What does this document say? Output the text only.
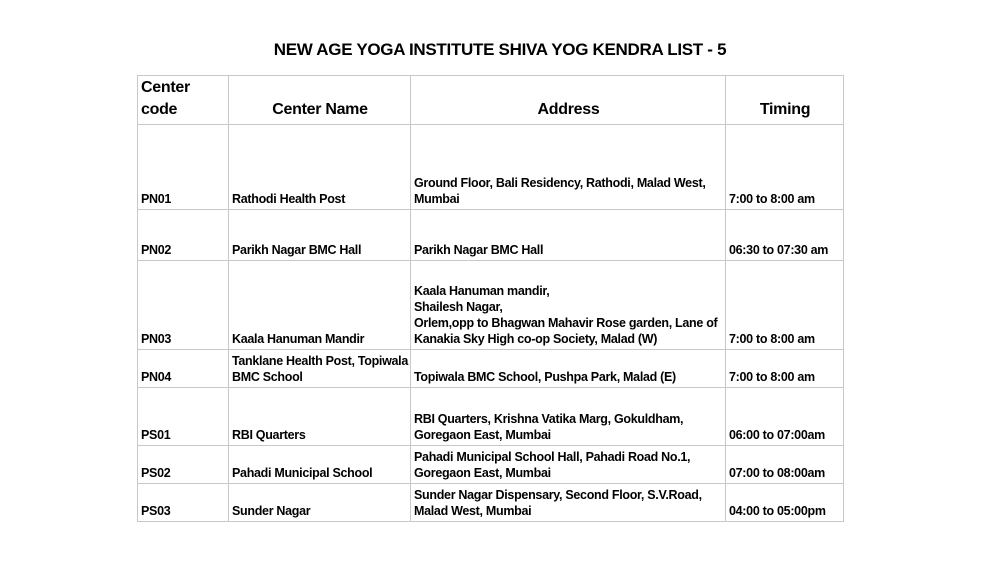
NEW AGE YOGA INSTITUTE SHIVA YOG KENDRA LIST - 5
Center code	Center Name	Address	Timing
PN01	Rathodi Health Post	Ground Floor, Bali Residency, Rathodi, Malad West, Mumbai	7:00 to 8:00 am
PN02	Parikh Nagar BMC Hall	Parikh Nagar BMC Hall	06:30 to 07:30 am
PN03	Kaala Hanuman Mandir	Kaala Hanuman mandir,
Shailesh Nagar,
Orlem,opp to Bhagwan Mahavir Rose garden, Lane of Kanakia Sky High co-op Society, Malad (W)	7:00 to 8:00 am
PN04	Tanklane Health Post, Topiwala BMC School	Topiwala BMC School, Pushpa Park, Malad (E)	7:00 to 8:00 am
PS01	RBI Quarters	RBI Quarters, Krishna Vatika Marg, Gokuldham, Goregaon East, Mumbai	06:00 to 07:00am
PS02	Pahadi Municipal School	Pahadi Municipal School Hall, Pahadi Road No.1, Goregaon East, Mumbai	07:00 to 08:00am
PS03	Sunder Nagar	Sunder Nagar Dispensary, Second Floor, S.V.Road, Malad West, Mumbai	04:00 to 05:00pm
